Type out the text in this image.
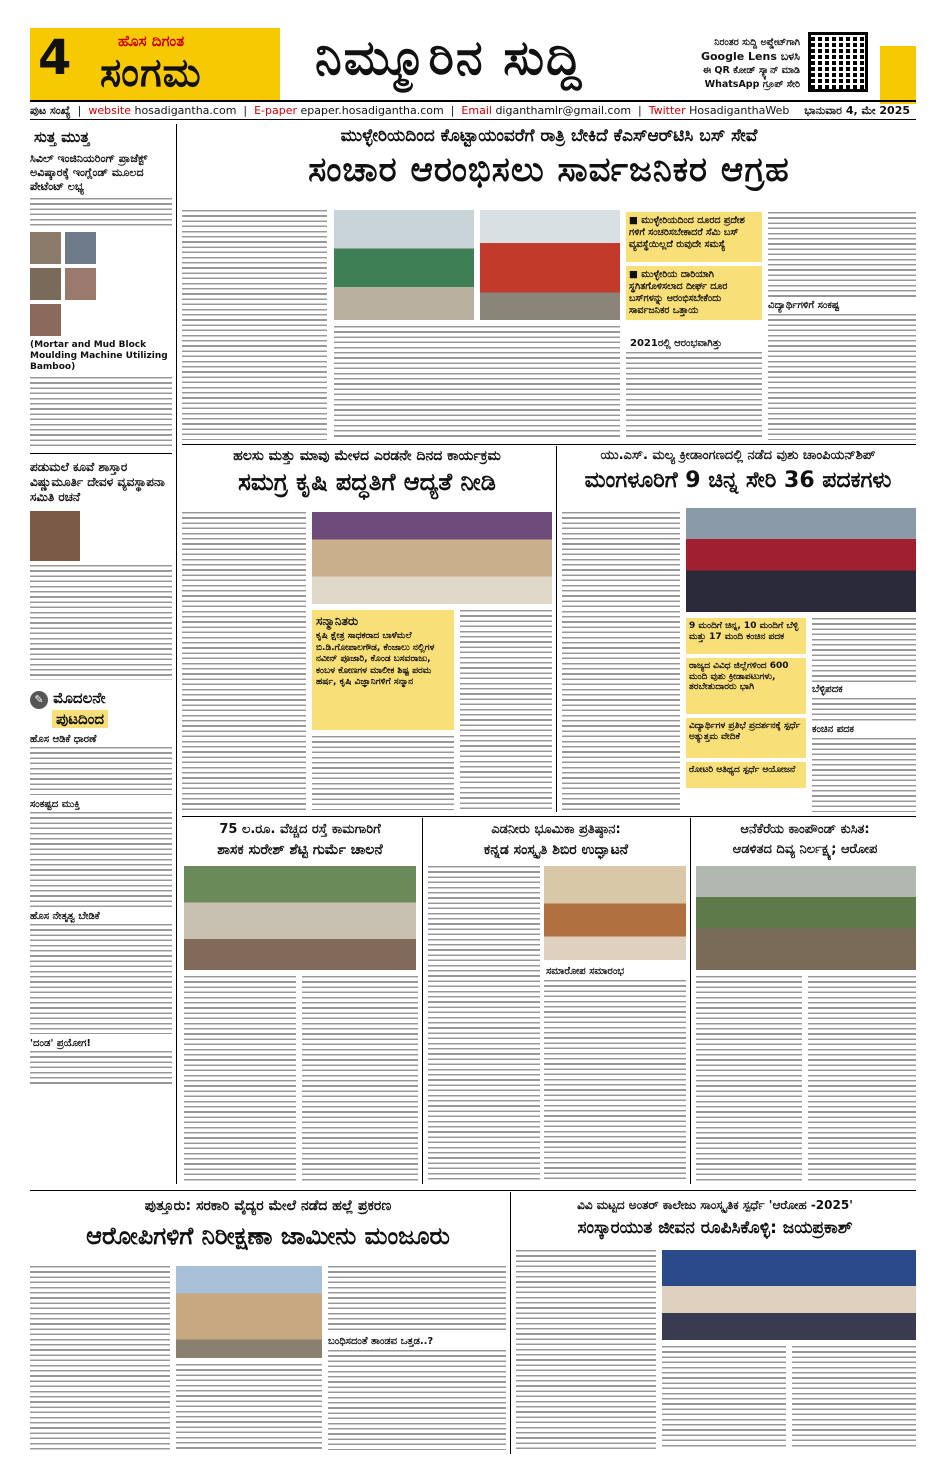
4	ಹೊಸ ದಿಗಂತ
ಸಂಗಮ ನಿಮ್ಮೂರಿನ ಸುದ್ದಿ	ನಿರಂತರ ಸುದ್ದಿ ಅಪ್ಡೇಟ್‌ಗಾಗಿ
Google Lens ಬಳಸಿ
ಈ QR ಕೋಡ್ ಸ್ಕ್ಯಾನ್ ಮಾಡಿ
WhatsApp ಗ್ರೂಪ್ ಸೇರಿ
ಪುಟ ಸಂಖ್ಯೆ  |  website hosadigantha.com  |  E-paper epaper.hosadigantha.com  |  Email diganthamlr@gmail.com  |  Twitter HosadiganthaWeb ಭಾನುವಾರ 4, ಮೇ 2025
ಸುತ್ತ ಮುತ್ತ
ಸಿವಿಲ್ ಇಂಜಿನಿಯರಿಂಗ್ ಪ್ರಾಜೆಕ್ಟ್ ಅವಿಷ್ಕಾರಕ್ಕೆ ಇಂಗ್ಲೆಂಡ್ ಮೂಲದ ಪೇಟೆಂಟ್ ಲಭ್ಯ
(Mortar and Mud Block Moulding Machine Utilizing Bamboo)
ಪಡುಮಲೆ ಕೂವೆ ಶಾಸ್ತಾರ ವಿಷ್ಣುಮೂರ್ತಿ ದೇವಳ ವ್ಯವಸ್ಥಾಪನಾ ಸಮಿತಿ ರಚನೆ
✎ ಮೊದಲನೇ ಪುಟದಿಂದ
ಹೊಸ ಆಡಿಕೆ ಧಾರಣೆ
ಸಂಕಷ್ಟದ ಮುಕ್ತಿ
ಹೊಸ ನೇತೃತ್ವ ಬೇಡಿಕೆ
'ದಂಡ' ಪ್ರಯೋಗ!
ಮುಳ್ಳೇರಿಯದಿಂದ ಕೊಟ್ಟಾಯಂವರೆಗೆ ರಾತ್ರಿ ಬೇಕಿದೆ ಕೆಎಸ್ಆರ್‌ಟಿಸಿ ಬಸ್ ಸೇವೆ
ಸಂಚಾರ ಆರಂಭಿಸಲು ಸಾರ್ವಜನಿಕರ ಆಗ್ರಹ
■ ಮುಳ್ಳೇರಿಯದಿಂದ ದೂರದ ಪ್ರದೇಶ ಗಳಿಗೆ ಸಂಚರಿಸಬೇಕಾದರೆ ಸೆಮಿ ಬಸ್ ವ್ಯವಸ್ಥೆಯಿಲ್ಲದೆ ರುವುದೇ ಸಮಸ್ಯೆ
■ ಮುಳ್ಳೇರಿಯ ದಾರಿಯಾಗಿ ಸ್ಥಗಿತಗೊಳಿಸಲಾದ ದೀರ್ಘ ದೂರ ಬಸ್‌ಗಳನ್ನು ಆರಂಭಿಸಬೇಕೆಂದು ಸಾರ್ವಜನಿಕರ ಒತ್ತಾಯ
2021ರಲ್ಲಿ ಆರಂಭವಾಗಿತ್ತು
ವಿದ್ಯಾರ್ಥಿಗಳಿಗೆ ಸಂಕಷ್ಟ
ಹಲಸು ಮತ್ತು ಮಾವು ಮೇಳದ ಎರಡನೇ ದಿನದ ಕಾರ್ಯಕ್ರಮ
ಸಮಗ್ರ ಕೃಷಿ ಪದ್ಧತಿಗೆ ಆದ್ಯತೆ ನೀಡಿ
ಸನ್ಮಾನಿತರು
ಕೃಷಿ ಕ್ಷೇತ್ರ ಸಾಧಕರಾದ ಬಾಳೆಮಲೆ ಬಿ.ಡಿ.ಗೋಪಾಲಗೌಡ, ಕೆಂಜಾಲು ನಲ್ಲಿಗಳ ನವೀನ್ ಪೂಜಾರಿ, ಕೊಂಡ ಬಸವರಾಜು, ಕಂಬಳ ಕೋಣಗಳ ಮಾಲೀಕ ಶಿಷ್ಟ ಪರಮ ಹರ್ಷ, ಕೃಷಿ ವಿಜ್ಞಾನಿಗಳಿಗೆ ಸನ್ಮಾನ
ಯು.ಎಸ್. ಮಲ್ಯ ಕ್ರೀಡಾಂಗಣದಲ್ಲಿ ನಡೆದ ವುಶು ಚಾಂಪಿಯನ್‌ಶಿಪ್
ಮಂಗಳೂರಿಗೆ 9 ಚಿನ್ನ ಸೇರಿ 36 ಪದಕಗಳು
9 ಮಂದಿಗೆ ಚಿನ್ನ, 10 ಮಂದಿಗೆ ಬೆಳ್ಳಿ ಮತ್ತು 17 ಮಂದಿ ಕಂಚಿನ ಪದಕ
ರಾಜ್ಯದ ವಿವಿಧ ಜಿಲ್ಲೆಗಳಿಂದ 600 ಮಂದಿ ವುಶು ಕ್ರೀಡಾಪಟುಗಳು, ತರಬೇತುದಾರರು ಭಾಗಿ
ವಿದ್ಯಾರ್ಥಿಗಳ ಪ್ರತಿಭೆ ಪ್ರದರ್ಶನಕ್ಕೆ ಸ್ಪರ್ಧೆ ಅತ್ಯುತ್ತಮ ವೇದಿಕೆ
ರೋಟರಿ ಆತಿಥ್ಯದ ಸ್ಪರ್ಧೆ ಆಯೋಜನೆ
ಬೆಳ್ಳಿಪದಕ
ಕಂಚಿನ ಪದಕ
75 ಲ.ರೂ. ವೆಚ್ಚದ ರಸ್ತೆ ಕಾಮಗಾರಿಗೆ
ಶಾಸಕ ಸುರೇಶ್ ಶೆಟ್ಟಿ ಗುರ್ಮೆ ಚಾಲನೆ
ಎಡನೀರು ಭೂಮಿಕಾ ಪ್ರತಿಷ್ಠಾನ:
ಕನ್ನಡ ಸಂಸ್ಕೃತಿ ಶಿಬಿರ ಉದ್ಘಾಟನೆ
ಸಮಾರೋಪ ಸಮಾರಂಭ
ಆನೆಕೆರೆಯ ಕಾಂಪೌಂಡ್ ಕುಸಿತ:
ಆಡಳಿತದ ದಿವ್ಯ ನಿರ್ಲಕ್ಷ್ಯ; ಆರೋಪ
ಪುತ್ತೂರು: ಸರಕಾರಿ ವೈದ್ಯರ ಮೇಲೆ ನಡೆದ ಹಲ್ಲೆ ಪ್ರಕರಣ
ಆರೋಪಿಗಳಿಗೆ ನಿರೀಕ್ಷಣಾ ಜಾಮೀನು ಮಂಜೂರು
ಬಂಧಿಸದಂತೆ ತಾಂಡವ ಒತ್ತಡ..?
ವಿವಿ ಮಟ್ಟದ ಅಂತರ್ ಕಾಲೇಜು ಸಾಂಸ್ಕೃತಿಕ ಸ್ಪರ್ಧೆ 'ಆರೋಹ -2025'
ಸಂಸ್ಕಾರಯುತ ಜೀವನ ರೂಪಿಸಿಕೊಳ್ಳಿ: ಜಯಪ್ರಕಾಶ್
